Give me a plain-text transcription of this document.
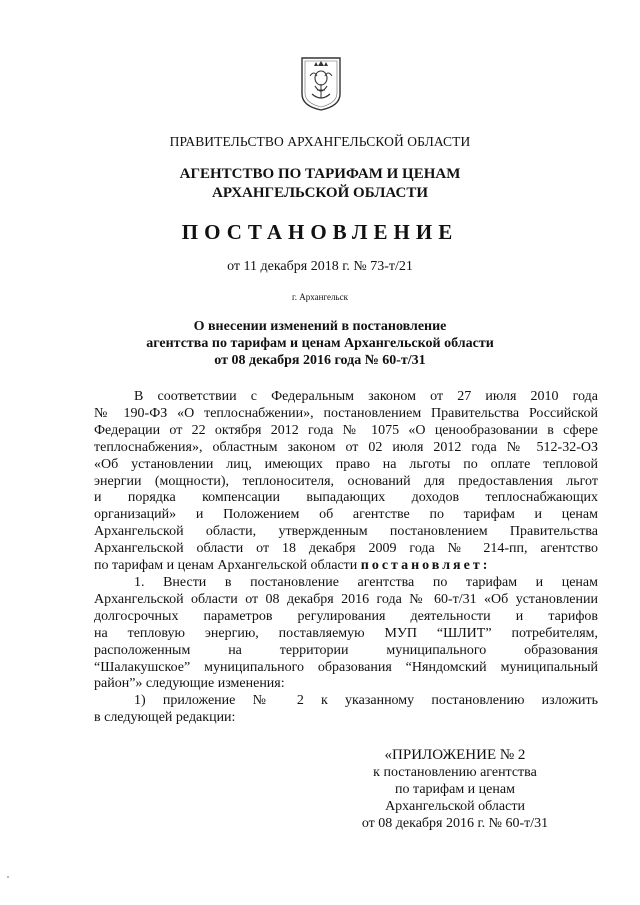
ПРАВИТЕЛЬСТВО АРХАНГЕЛЬСКОЙ ОБЛАСТИ
АГЕНТСТВО ПО ТАРИФАМ И ЦЕНАМ
АРХАНГЕЛЬСКОЙ ОБЛАСТИ
ПОСТАНОВЛЕНИЕ
от 11 декабря 2018 г. № 73-т/21
г. Архангельск
О внесении изменений в постановление
агентства по тарифам и ценам Архангельской области
от 08 декабря 2016 года № 60-т/31
В соответствии с Федеральным законом от 27 июля 2010 года
№ 190-ФЗ «О теплоснабжении», постановлением Правительства Российской
Федерации от 22 октября 2012 года № 1075 «О ценообразовании в сфере
теплоснабжения», областным законом от 02 июля 2012 года № 512-32-ОЗ
«Об установлении лиц, имеющих право на льготы по оплате тепловой
энергии (мощности), теплоносителя, оснований для предоставления льгот
и порядка компенсации выпадающих доходов теплоснабжающих
организаций» и Положением об агентстве по тарифам и ценам
Архангельской области, утвержденным постановлением Правительства
Архангельской области от 18 декабря 2009 года № 214-пп, агентство
по тарифам и ценам Архангельской области постановляет:
1. Внести в постановление агентства по тарифам и ценам
Архангельской области от 08 декабря 2016 года № 60-т/31 «Об установлении
долгосрочных параметров регулирования деятельности и тарифов
на тепловую энергию, поставляемую МУП “ШЛИТ” потребителям,
расположенным на территории муниципального образования
“Шалакушское” муниципального образования “Няндомский муниципальный
район”» следующие изменения:
1) приложение № 2 к указанному постановлению изложить
в следующей редакции:
«ПРИЛОЖЕНИЕ № 2
к постановлению агентства
по тарифам и ценам
Архангельской области
от 08 декабря 2016 г. № 60-т/31
